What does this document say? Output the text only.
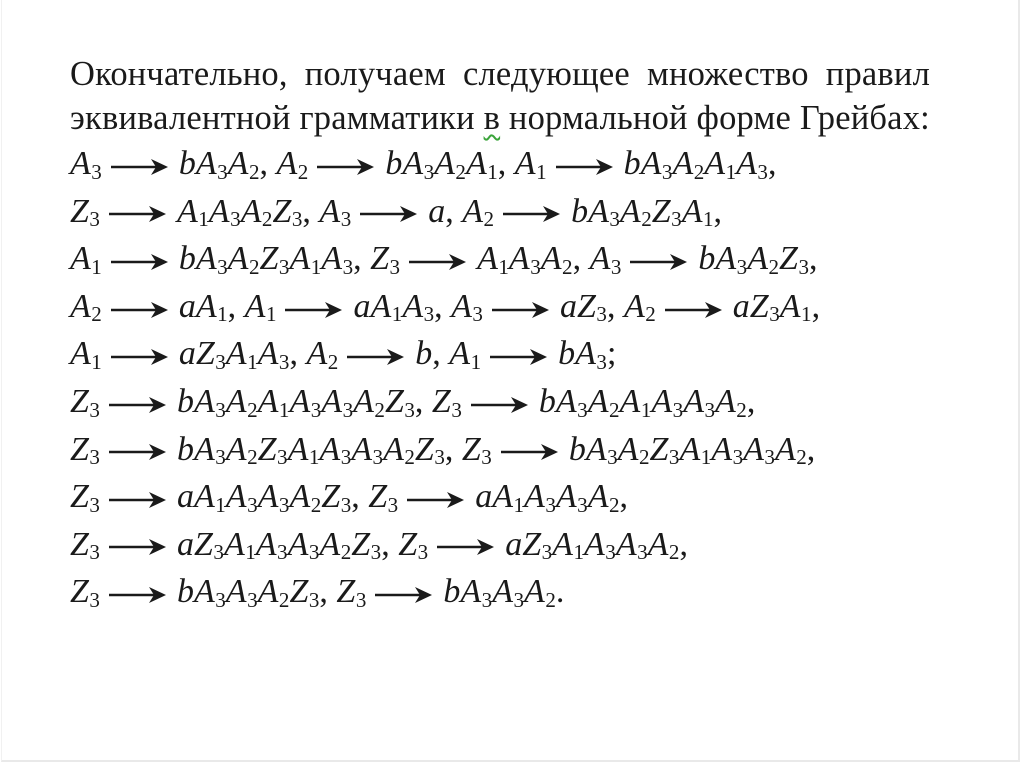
Окончательно, получаем следующее множество правил эквивалентной грамматики в нормальной форме Грейбах:

$A_3$ $bA_3A_2$, $A_2$ $bA_3A_2A_1$, $A_1$ $bA_3A_2A_1A_3$,
$Z_3$ $A_1A_3A_2Z_3$, $A_3$ a, $A_2$ $bA_3A_2Z_3A_1$,
$A_1$ $bA_3A_2Z_3A_1A_3$, $Z_3$ $A_1A_3A_2$, $A_3$ $bA_3A_2Z_3$,
$A_2$ $aA_1$, $A_1$ $aA_1A_3$, $A_3$ $aZ_3$, $A_2$ $aZ_3A_1$,
$A_1$ $aZ_3A_1A_3$, $A_2$ b, $A_1$ $bA_3$;
$Z_3$ $bA_3A_2A_1A_3A_3A_2Z_3$, $Z_3$ $bA_3A_2A_1A_3A_3A_2$,
$Z_3$ $bA_3A_2Z_3A_1A_3A_3A_2Z_3$, $Z_3$ $bA_3A_2Z_3A_1A_3A_3A_2$,
$Z_3$ $aA_1A_3A_3A_2Z_3$, $Z_3$ $aA_1A_3A_3A_2$,
$Z_3$ $aZ_3A_1A_3A_3A_2Z_3$, $Z_3$ $aZ_3A_1A_3A_3A_2$,
$Z_3$ $bA_3A_3A_2Z_3$, $Z_3$ $bA_3A_3A_2$.
